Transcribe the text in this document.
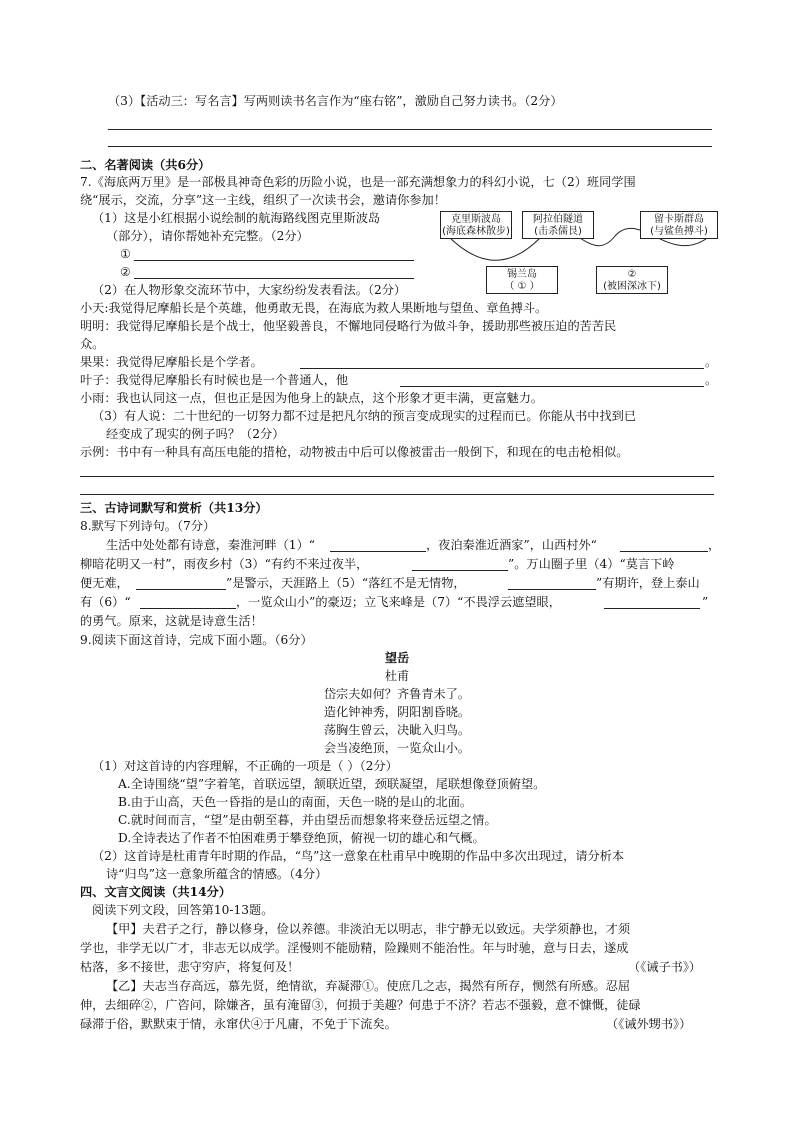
（3）【活动三：写名言】写两则读书名言作为“座右铭”，激励自己努力读书。（2分）
二、名著阅读（共6分）
7.《海底两万里》是一部极具神奇色彩的历险小说，也是一部充满想象力的科幻小说，七（2）班同学围
绕“展示，交流，分享”这一主线，组织了一次读书会，邀请你参加！
（1）这是小红根据小说绘制的航海路线图克里斯波岛
（部分），请你帮她补充完整。（2分）
①
②
克里斯波岛
(海底森林散步)
阿拉伯隧道
(击杀儒艮)
留卡斯群岛
(与鲨鱼搏斗)
锡兰岛
（ ① ）
②
(被困深冰下)
（2）在人物形象交流环节中，大家纷纷发表看法。（2分）
小天:我觉得尼摩船长是个英雄，他勇敢无畏，在海底为救人果断地与望鱼、章鱼搏斗。
明明：我觉得尼摩船长是个战士，他坚毅善良，不懈地同侵略行为做斗争，援助那些被压迫的苦苦民
众。
果果：我觉得尼摩船长是个学者。	。
叶子：我觉得尼摩船长有时候也是一个普通人，他	。
小雨：我也认同这一点，但也正是因为他身上的缺点，这个形象才更丰满，更富魅力。
（3）有人说：二十世纪的一切努力都不过是把凡尔纳的预言变成现实的过程而已。你能从书中找到已
经变成了现实的例子吗？（2分）
示例：书中有一种具有高压电能的措枪，动物被击中后可以像被雷击一般倒下，和现在的电击枪相似。
三、古诗词默写和赏析（共13分）
8.默写下列诗句。（7分）
生活中处处都有诗意，秦淮河畔（1）“	，夜泊秦淮近酒家”，山西村外“	，
柳暗花明又一村”，雨夜乡村（3）“有约不来过夜半，	”。万山圈子里（4）“莫言下岭
便无难，	”是警示，天涯路上（5）“落红不是无情物，	”有期许，登上泰山
有（6）“	，一览众山小”的豪迈；立飞来峰是（7）“不畏浮云遮望眼，	”
的勇气。原来，这就是诗意生活！
9.阅读下面这首诗，完成下面小题。（6分）
望岳
杜甫
岱宗夫如何？齐鲁青未了。
造化钟神秀，阴阳割昏晓。
荡胸生曾云，决眦入归鸟。
会当凌绝顶，一览众山小。
（1）对这首诗的内容理解，不正确的一项是（ ）（2分）
A.全诗围绕“望”字着笔，首联远望，颔联近望，颈联凝望，尾联想像登顶俯望。
B.由于山高，天色一昏指的是山的南面，天色一晓的是山的北面。
C.就时间而言，“望”是由朝至暮，并由望岳而想象将来登岳远望之情。
D.全诗表达了作者不怕困难勇于攀登绝顶，俯视一切的雄心和气概。
（2）这首诗是杜甫青年时期的作品，“鸟”这一意象在杜甫早中晚期的作品中多次出现过，请分析本
诗“归鸟”这一意象所蕴含的情感。（4分）
四、文言文阅读（共14分）
阅读下列文段，回答第10-13题。
【甲】夫君子之行，静以修身，俭以养德。非淡泊无以明志，非宁静无以致远。夫学须静也，才须
学也，非学无以广才，非志无以成学。淫慢则不能励精，险躁则不能治性。年与时驰，意与日去，遂成
枯落，多不接世，悲守穷庐，将复何及！	（《诫子书》）
【乙】夫志当存高远，慕先贤，绝情欲，弃凝滞①。使庶几之志，揭然有所存，恻然有所感。忍屈
伸，去细碎②，广咨问，除嫌吝，虽有淹留③，何损于美趣？何患于不济？若志不强毅，意不慷慨，徒碌
碌滞于俗，默默束于情，永窜伏④于凡庸，不免于下流矣。	（《诫外甥书》）
